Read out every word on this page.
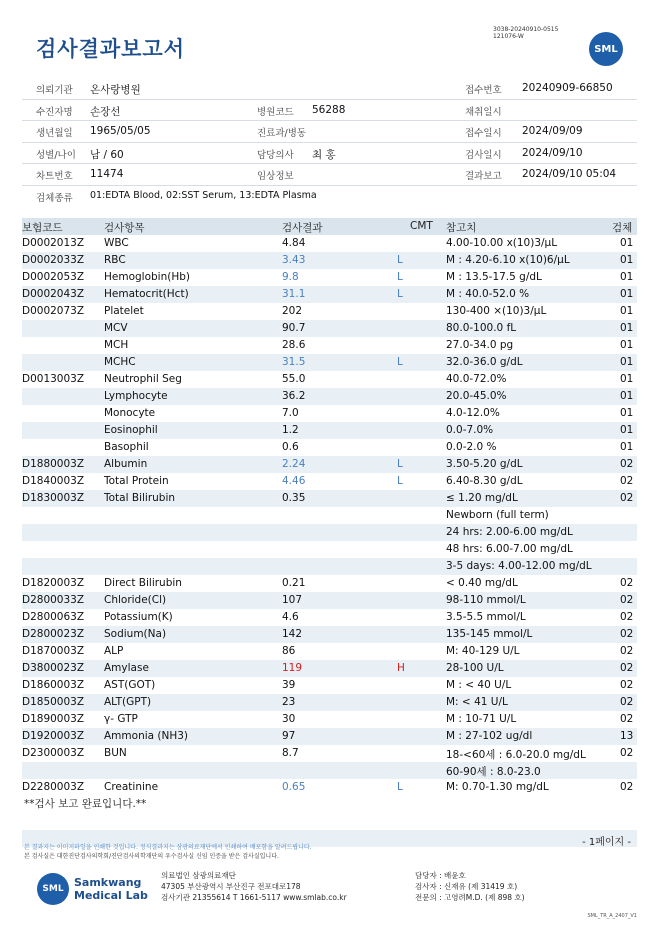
검사결과보고서
3038-20240910-0515
121076-W
SML
의뢰기관 온사랑병원	접수번호 20240909-66850
수진자명 손장선	병원코드 56288	채취일시
생년월일 1965/05/05	진료과/병동	접수일시 2024/09/09
성별/나이 남 / 60	담당의사 최 홍	검사일시 2024/09/10
차트번호 11474	임상정보	결과보고 2024/09/10 05:04
검체종류 01:EDTA Blood, 02:SST Serum, 13:EDTA Plasma
보험코드	검사항목	검사결과	CMT 참고치	검체
D0002013Z WBC	4.84	4.00-10.00 x(10)3/μL	01
D0002033Z RBC	3.43	L	M : 4.20-6.10 x(10)6/μL	01
D0002053Z Hemoglobin(Hb)	9.8	L	M : 13.5-17.5 g/dL	01
D0002043Z Hematocrit(Hct)	31.1	L	M : 40.0-52.0 %	01
D0002073Z Platelet	202	130-400 ×(10)3/μL	01
MCV	90.7	80.0-100.0 fL	01
MCH	28.6	27.0-34.0 pg	01
MCHC	31.5	L	32.0-36.0 g/dL	01
D0013003Z Neutrophil Seg	55.0	40.0-72.0%	01
Lymphocyte	36.2	20.0-45.0%	01
Monocyte	7.0	4.0-12.0%	01
Eosinophil	1.2	0.0-7.0%	01
Basophil	0.6	0.0-2.0 %	01
D1880003Z Albumin	2.24	L	3.50-5.20 g/dL	02
D1840003Z Total Protein	4.46	L	6.40-8.30 g/dL	02
D1830003Z Total Bilirubin	0.35	≤ 1.20 mg/dL	02
Newborn (full term)
24 hrs: 2.00-6.00 mg/dL
48 hrs: 6.00-7.00 mg/dL
3-5 days: 4.00-12.00 mg/dL
D1820003Z Direct Bilirubin	0.21	< 0.40 mg/dL	02
D2800033Z Chloride(Cl)	107	98-110 mmol/L	02
D2800063Z Potassium(K)	4.6	3.5-5.5 mmol/L	02
D2800023Z Sodium(Na)	142	135-145 mmol/L	02
D1870003Z ALP	86	M: 40-129 U/L	02
D3800023Z Amylase	119	H	28-100 U/L	02
D1860003Z AST(GOT)	39	M : < 40 U/L	02
D1850003Z ALT(GPT)	23	M: < 41 U/L	02
D1890003Z γ- GTP	30	M : 10-71 U/L	02
D1920003Z Ammonia (NH3)	97	M : 27-102 ug/dl	13
D2300003Z BUN	8.7	18-<60세 : 6.0-20.0 mg/dL	02
60-90세 : 8.0-23.0
D2280003Z Creatinine	0.65	L	M: 0.70-1.30 mg/dL	02
**검사 보고 완료입니다.**
- 1페이지 -
본 결과지는 이미지파일을 인쇄한 것입니다. 정식결과지는 삼광의료재단에서 인쇄하여 배포함을 알려드립니다.
본 검사실은 대한진단검사의학회/진단검사의학재단의 우수검사실 신임 인증을 받은 검사실입니다.
SML Samkwang
Medical Lab
의료법인 삼광의료재단
47305 부산광역시 부산진구 전포대로178
검사기관 21355614 T 1661-5117 www.smlab.co.kr
담당자 : 배윤호
검사자 : 신재유 (제 31419 호)
전문의 : 고영려M.D. (제 898 호)
SML_TR_A_2407_V1
